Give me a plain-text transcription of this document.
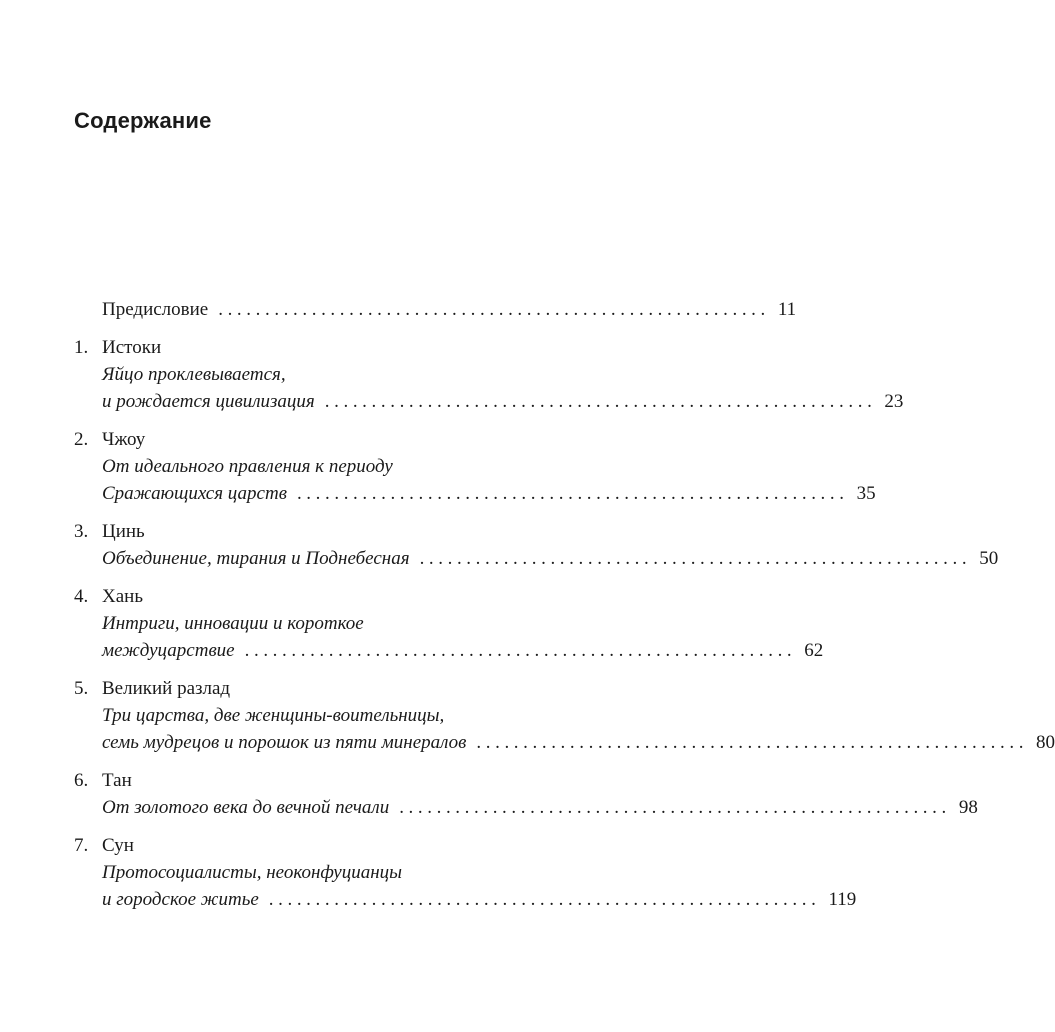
Содержание
Предисловие ........................................................... 11
1. Истоки
Яйцо проклевывается,
и рождается цивилизация ........................................................... 23
2. Чжоу
От идеального правления к периоду
Сражающихся царств ........................................................... 35
3. Цинь
Объединение, тирания и Поднебесная ........................................................... 50
4. Хань
Интриги, инновации и короткое
междуцарствие ........................................................... 62
5. Великий разлад
Три царства, две женщины-воительницы,
семь мудрецов и порошок из пяти минералов ........................................................... 80
6. Тан
От золотого века до вечной печали ........................................................... 98
7. Сун
Протосоциалисты, неоконфуцианцы
и городское житье ........................................................... 119
